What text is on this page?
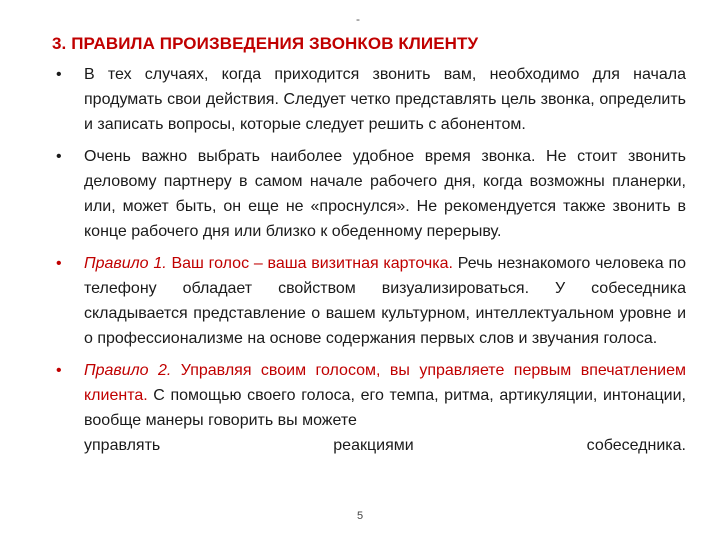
-
3. ПРАВИЛА ПРОИЗВЕДЕНИЯ ЗВОНКОВ КЛИЕНТУ
• В тех случаях, когда приходится звонить вам, необходимо для начала продумать свои действия. Следует четко представлять цель звонка, определить и записать вопросы, которые следует решить с абонентом.
• Очень важно выбрать наиболее удобное время звонка. Не стоит звонить деловому партнеру в самом начале рабочего дня, когда возможны планерки, или, может быть, он еще не «проснулся». Не рекомендуется также звонить в конце рабочего дня или близко к обеденному перерыву.
• Правило 1. Ваш голос – ваша визитная карточка. Речь незнакомого человека по телефону обладает свойством визуализироваться. У собеседника складывается представление о вашем культурном, интеллектуальном уровне и о профессионализме на основе содержания первых слов и звучания голоса.
• Правило 2. Управляя своим голосом, вы управляете первым впечатлением клиента. С помощью своего голоса, его темпа, ритма, артикуляции, интонации, вообще манеры говорить вы можете
управлять	реакциями	собеседника.
5
